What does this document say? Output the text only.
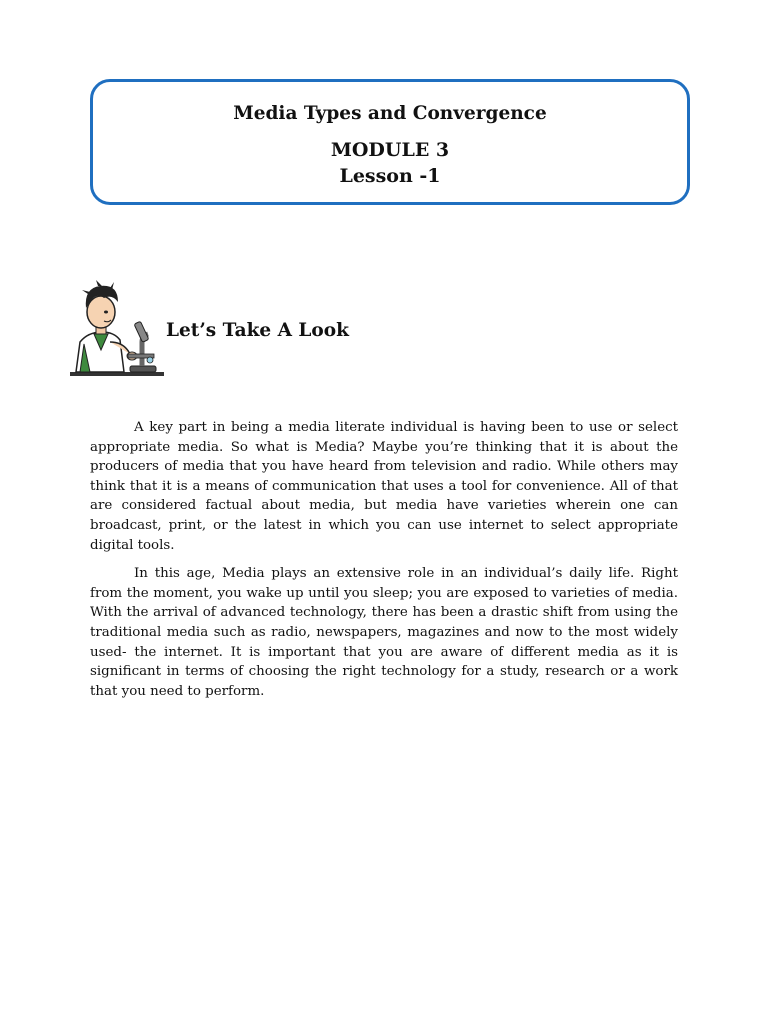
Media Types and Convergence
MODULE 3
Lesson -1
Let’s Take A Look

A key part in being a media literate individual is having been to use or select appropriate media. So what is Media? Maybe you’re thinking that it is about the producers of media that you have heard from television and radio. While others may think that it is a means of communication that uses a tool for convenience. All of that are considered factual about media, but media have varieties wherein one can broadcast, print, or the latest in which you can use internet to select appropriate digital tools.

In this age, Media plays an extensive role in an individual’s daily life. Right from the moment, you wake up until you sleep; you are exposed to varieties of media. With the arrival of advanced technology, there has been a drastic shift from using the traditional media such as radio, newspapers, magazines and now to the most widely used- the internet. It is important that you are aware of different media as it is significant in terms of choosing the right technology for a study, research or a work that you need to perform.
